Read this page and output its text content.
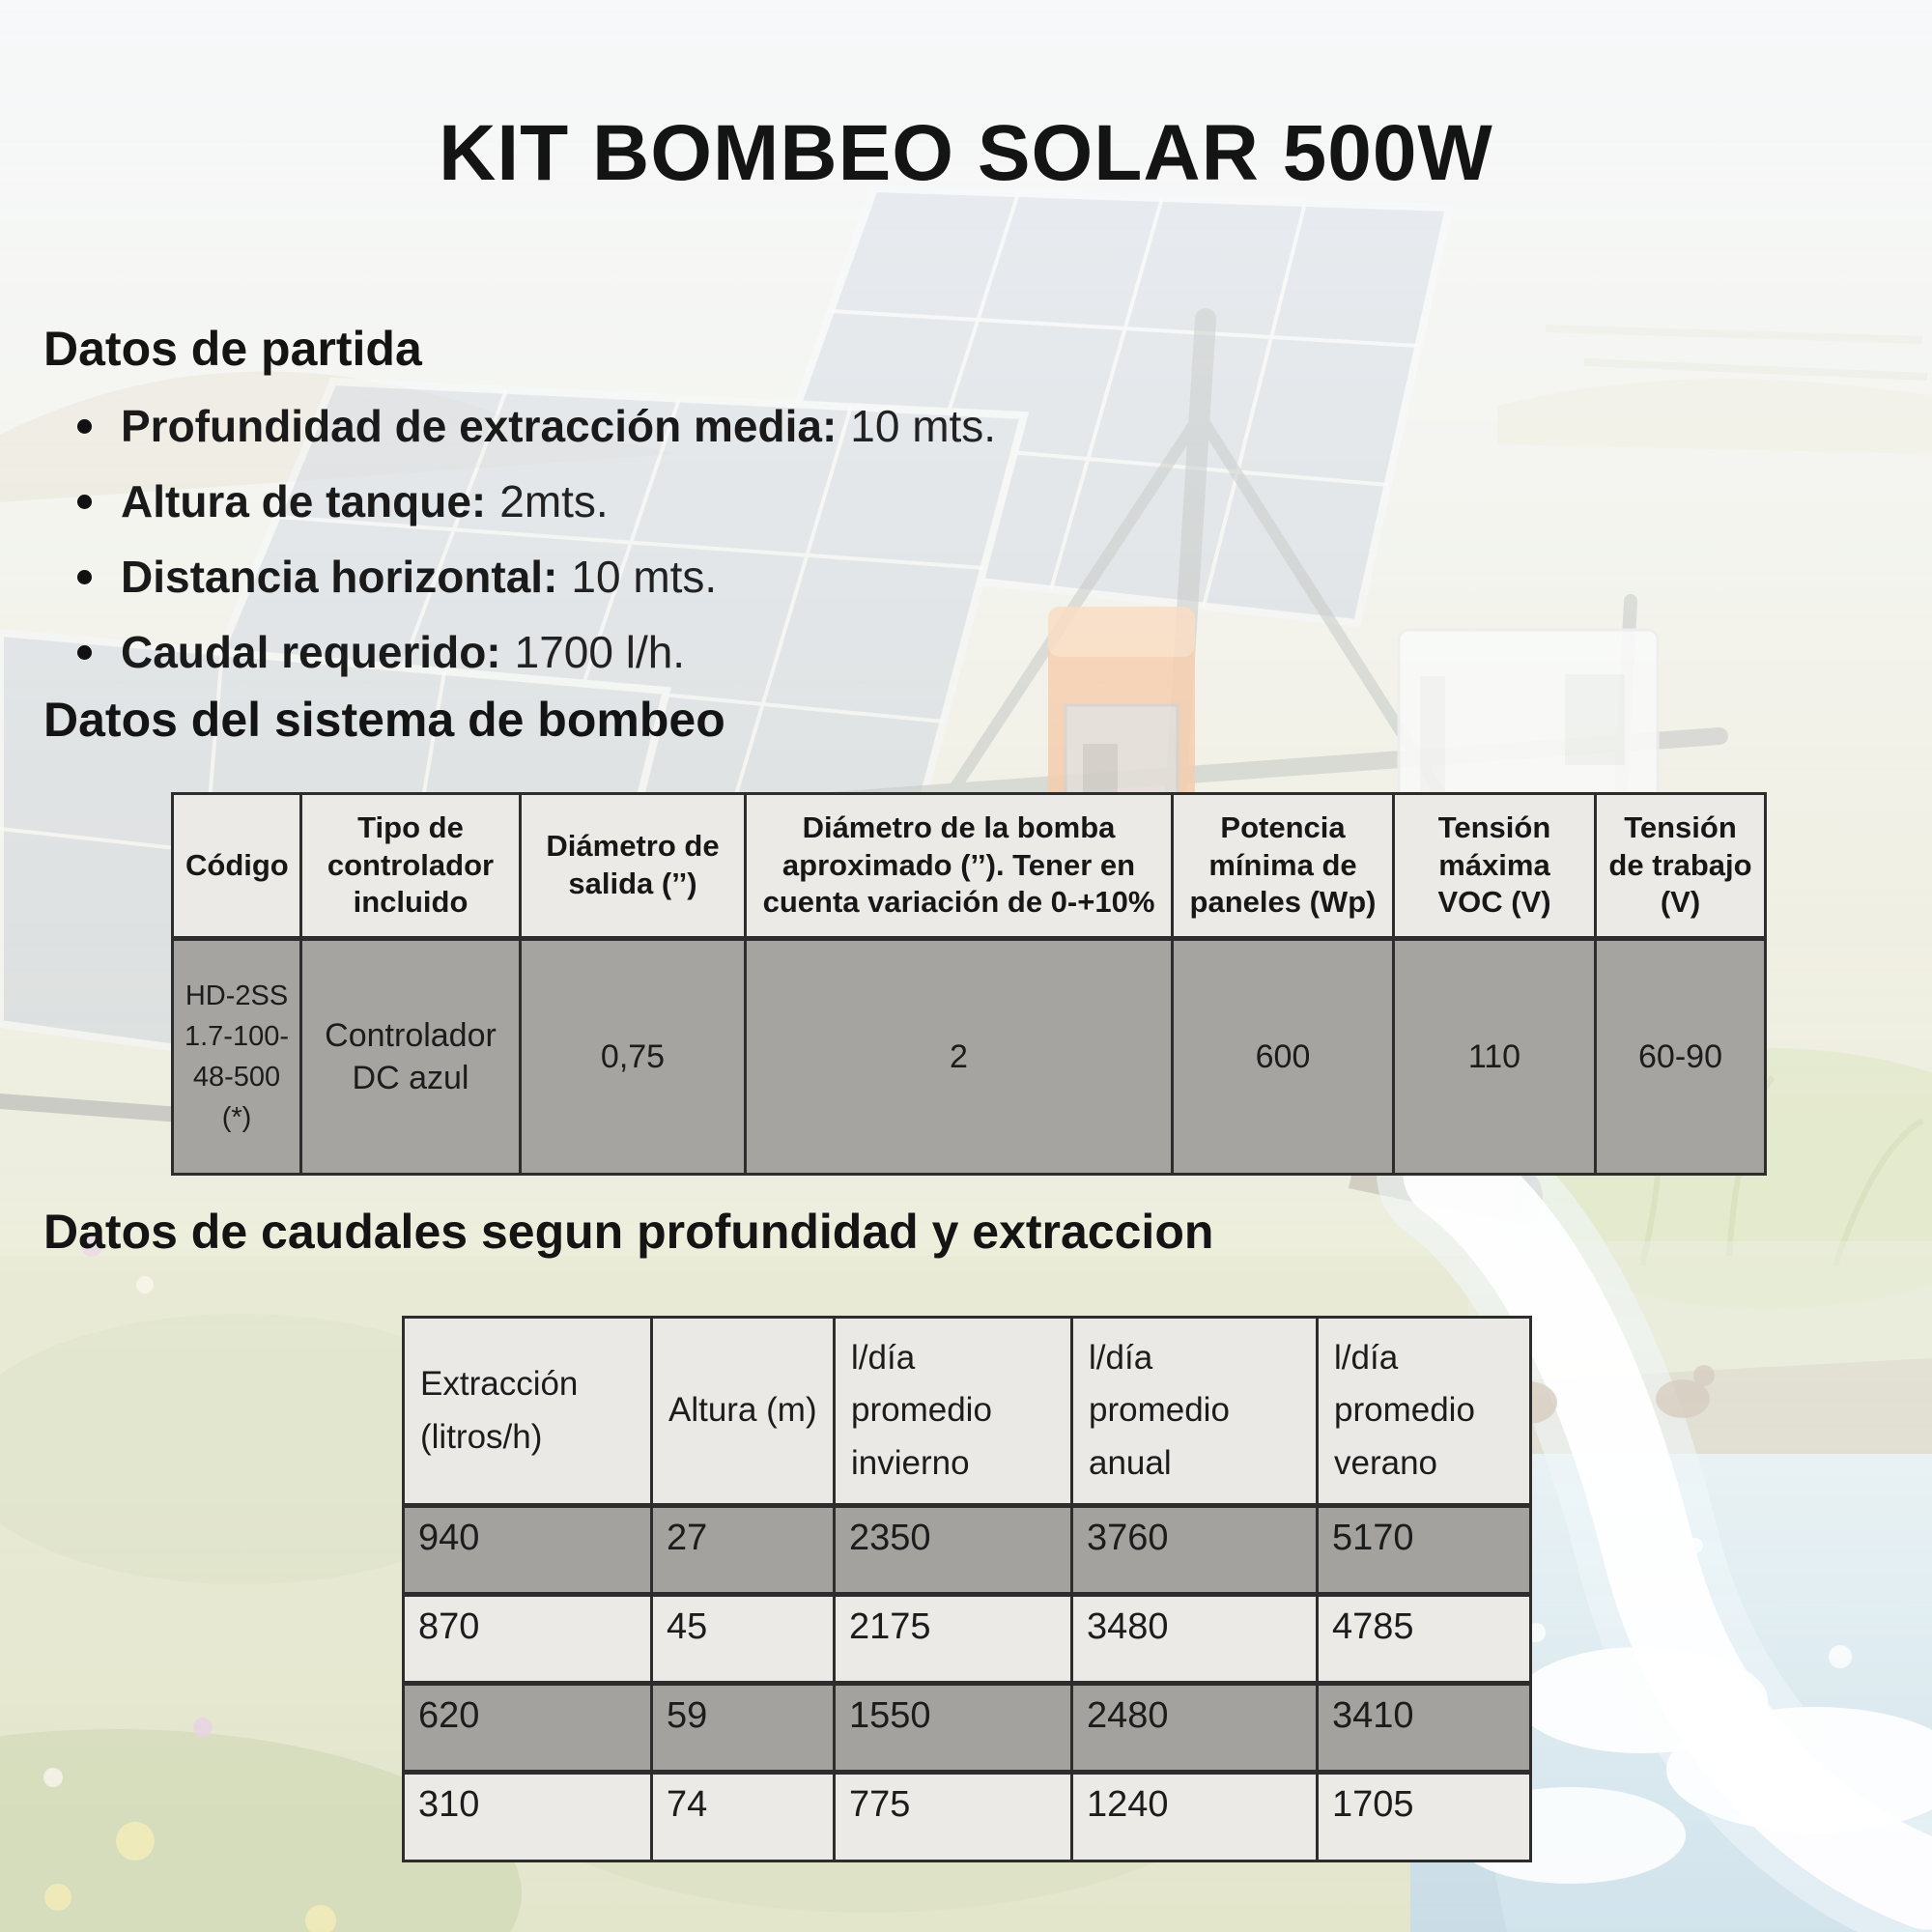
KIT BOMBEO SOLAR 500W
Datos de partida
Profundidad de extracción media: 10 mts.
Altura de tanque: 2mts.
Distancia horizontal: 10 mts.
Caudal requerido: 1700 l/h.
Datos del sistema de bombeo
Código	Tipo de controlador incluido	Diámetro de salida (’’)	Diámetro de la bomba aproximado (’’). Tener en cuenta variación de 0-+10%	Potencia mínima de paneles (Wp)	Tensión máxima VOC (V)	Tensión de trabajo (V)
HD-2SS 1.7-100-48-500 (*)	Controlador DC azul	0,75	2	600	110	60-90
Datos de caudales segun profundidad y extraccion
Extracción (litros/h)	Altura (m)	l/día promedio invierno	l/día promedio anual	l/día promedio verano
940	27	2350	3760	5170
870	45	2175	3480	4785
620	59	1550	2480	3410
310	74	775	1240	1705
